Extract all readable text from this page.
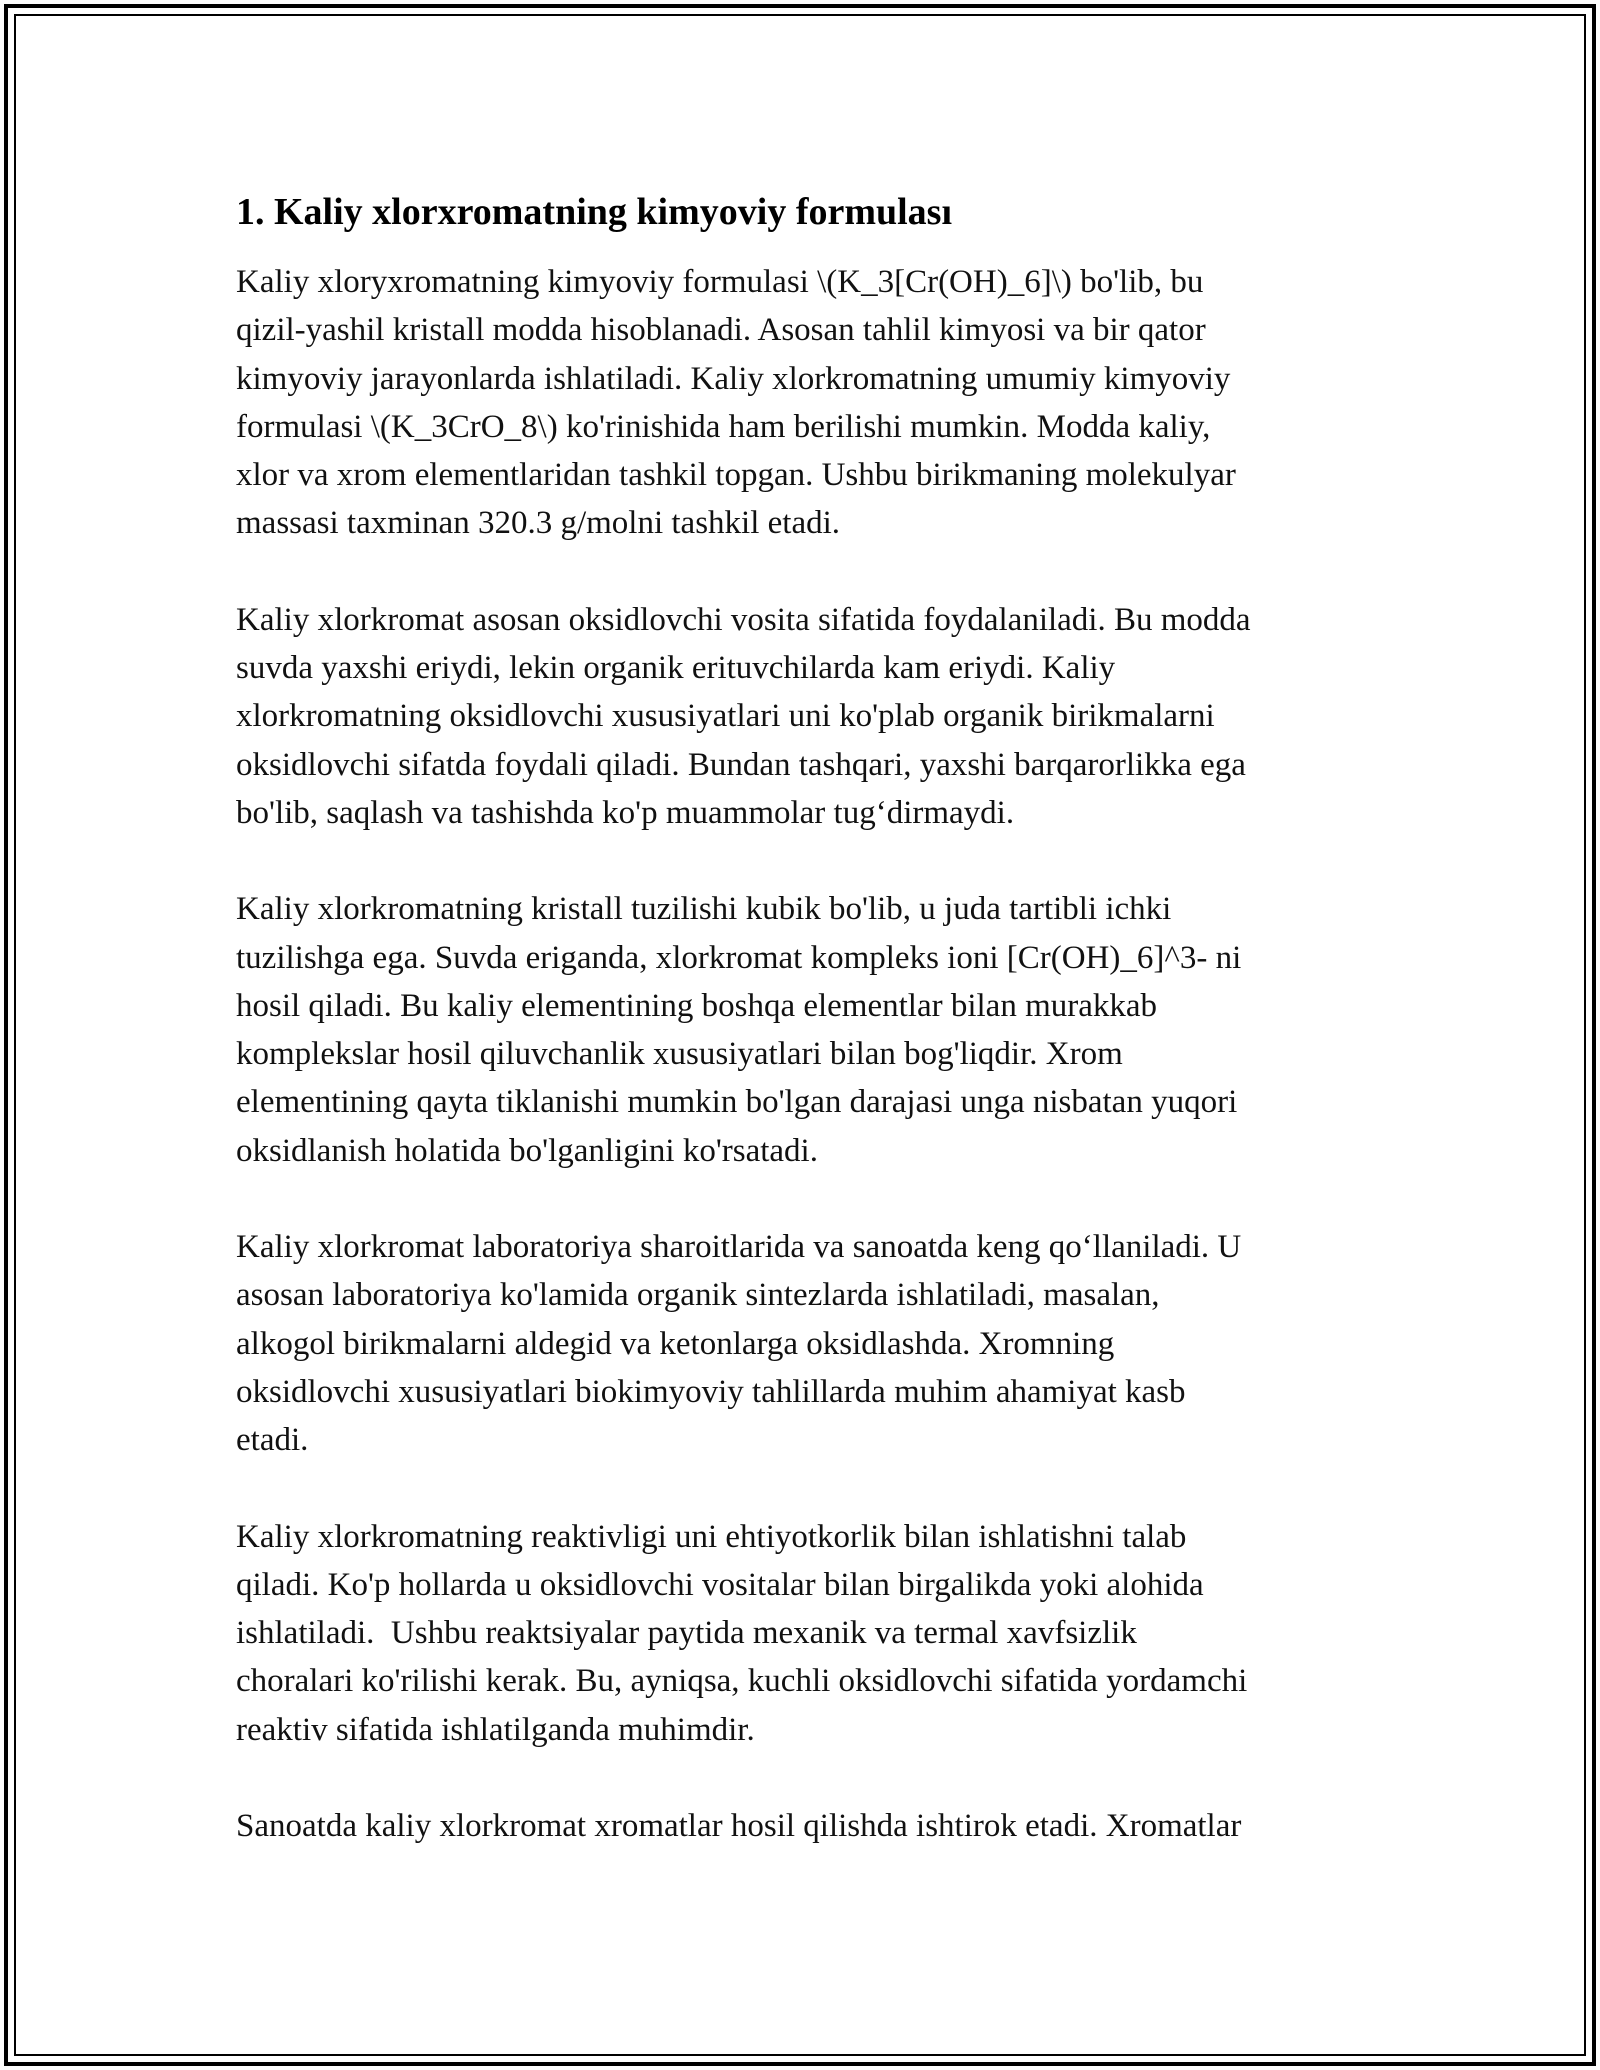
1. Kaliy xlorxromatning kimyoviy formulası

Kaliy xloryxromatning kimyoviy formulasi \(K_3[Cr(OH)_6]\) bo'lib, bu
qizil-yashil kristall modda hisoblanadi. Asosan tahlil kimyosi va bir qator
kimyoviy jarayonlarda ishlatiladi. Kaliy xlorkromatning umumiy kimyoviy
formulasi \(K_3CrO_8\) ko'rinishida ham berilishi mumkin. Modda kaliy,
xlor va xrom elementlaridan tashkil topgan. Ushbu birikmaning molekulyar
massasi taxminan 320.3 g/molni tashkil etadi.

Kaliy xlorkromat asosan oksidlovchi vosita sifatida foydalaniladi. Bu modda
suvda yaxshi eriydi, lekin organik erituvchilarda kam eriydi. Kaliy
xlorkromatning oksidlovchi xususiyatlari uni ko'plab organik birikmalarni
oksidlovchi sifatda foydali qiladi. Bundan tashqari, yaxshi barqarorlikka ega
bo'lib, saqlash va tashishda ko'p muammolar tug‘dirmaydi.

Kaliy xlorkromatning kristall tuzilishi kubik bo'lib, u juda tartibli ichki
tuzilishga ega. Suvda eriganda, xlorkromat kompleks ioni [Cr(OH)_6]^3- ni
hosil qiladi. Bu kaliy elementining boshqa elementlar bilan murakkab
komplekslar hosil qiluvchanlik xususiyatlari bilan bog'liqdir. Xrom
elementining qayta tiklanishi mumkin bo'lgan darajasi unga nisbatan yuqori
oksidlanish holatida bo'lganligini ko'rsatadi.

Kaliy xlorkromat laboratoriya sharoitlarida va sanoatda keng qo‘llaniladi. U
asosan laboratoriya ko'lamida organik sintezlarda ishlatiladi, masalan,
alkogol birikmalarni aldegid va ketonlarga oksidlashda. Xromning
oksidlovchi xususiyatlari biokimyoviy tahlillarda muhim ahamiyat kasb
etadi.

Kaliy xlorkromatning reaktivligi uni ehtiyotkorlik bilan ishlatishni talab
qiladi. Ko'p hollarda u oksidlovchi vositalar bilan birgalikda yoki alohida
ishlatiladi.  Ushbu reaktsiyalar paytida mexanik va termal xavfsizlik
choralari ko'rilishi kerak. Bu, ayniqsa, kuchli oksidlovchi sifatida yordamchi
reaktiv sifatida ishlatilganda muhimdir.

Sanoatda kaliy xlorkromat xromatlar hosil qilishda ishtirok etadi. Xromatlar
